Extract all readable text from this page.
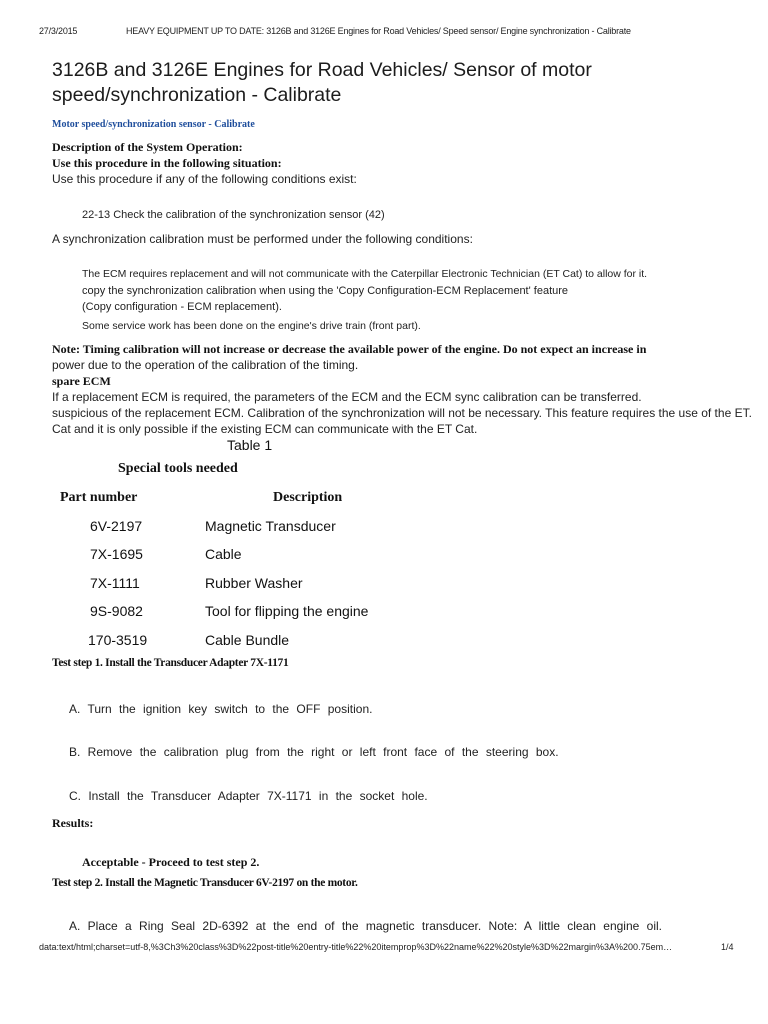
27/3/2015	HEAVY EQUIPMENT UP TO DATE: 3126B and 3126E Engines for Road Vehicles/ Speed sensor/ Engine synchronization - Calibrate
3126B and 3126E Engines for Road Vehicles/ Sensor of motor speed/synchronization - Calibrate
Motor speed/synchronization sensor - Calibrate
Description of the System Operation:
Use this procedure in the following situation:
Use this procedure if any of the following conditions exist:
22-13 Check the calibration of the synchronization sensor (42)
A synchronization calibration must be performed under the following conditions:
The ECM requires replacement and will not communicate with the Caterpillar Electronic Technician (ET Cat) to allow for it.
copy the synchronization calibration when using the 'Copy Configuration-ECM Replacement' feature
(Copy configuration - ECM replacement).
Some service work has been done on the engine's drive train (front part).
Note: Timing calibration will not increase or decrease the available power of the engine. Do not expect an increase in
power due to the operation of the calibration of the timing.
spare ECM
If a replacement ECM is required, the parameters of the ECM and the ECM sync calibration can be transferred.
suspicious of the replacement ECM. Calibration of the synchronization will not be necessary. This feature requires the use of the ET.
Cat and it is only possible if the existing ECM can communicate with the ET Cat.
Table 1
Special tools needed
Part number	Description
6V-2197	Magnetic Transducer
7X-1695	Cable
7X-1111	Rubber Washer
9S-9082	Tool for flipping the engine
170-3519	Cable Bundle
Test step 1. Install the Transducer Adapter 7X-1171
A. Turn the ignition key switch to the OFF position.
B. Remove the calibration plug from the right or left front face of the steering box.
C. Install the Transducer Adapter 7X-1171 in the socket hole.
Results:
Acceptable - Proceed to test step 2.
Test step 2. Install the Magnetic Transducer 6V-2197 on the motor.
A. Place a Ring Seal 2D-6392 at the end of the magnetic transducer. Note: A little clean engine oil.
data:text/html;charset=utf-8,%3Ch3%20class%3D%22post-title%20entry-title%22%20itemprop%3D%22name%22%20style%3D%22margin%3A%200.75em…	1/4
